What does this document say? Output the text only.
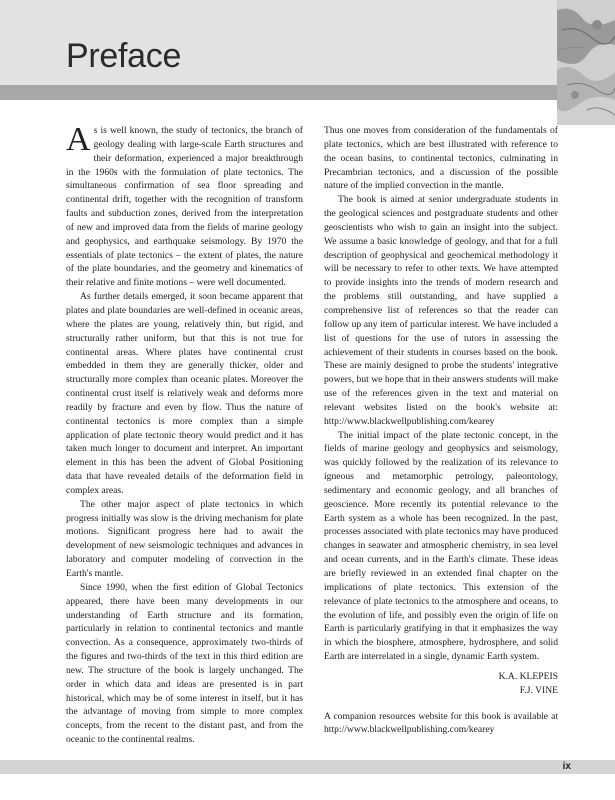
Preface

As is well known, the study of tectonics, the branch of geology dealing with large-scale Earth structures and their deformation, experienced a major breakthrough in the 1960s with the formulation of plate tectonics. The simultaneous confirmation of sea floor spreading and continental drift, together with the recognition of transform faults and subduction zones, derived from the interpretation of new and improved data from the fields of marine geology and geophysics, and earthquake seismology. By 1970 the essentials of plate tectonics – the extent of plates, the nature of the plate boundaries, and the geometry and kinematics of their relative and finite motions – were well documented.

As further details emerged, it soon became apparent that plates and plate boundaries are well-defined in oceanic areas, where the plates are young, relatively thin, but rigid, and structurally rather uniform, but that this is not true for continental areas. Where plates have continental crust embedded in them they are generally thicker, older and structurally more complex than oceanic plates. Moreover the continental crust itself is relatively weak and deforms more readily by fracture and even by flow. Thus the nature of continental tectonics is more complex than a simple application of plate tectonic theory would predict and it has taken much longer to document and interpret. An important element in this has been the advent of Global Positioning data that have revealed details of the deformation field in complex areas.

The other major aspect of plate tectonics in which progress initially was slow is the driving mechanism for plate motions. Significant progress here had to await the development of new seismologic techniques and advances in laboratory and computer modeling of convection in the Earth's mantle.

Since 1990, when the first edition of Global Tectonics appeared, there have been many developments in our understanding of Earth structure and its formation, particularly in relation to continental tectonics and mantle convection. As a consequence, approximately two-thirds of the figures and two-thirds of the text in this third edition are new. The structure of the book is largely unchanged. The order in which data and ideas are presented is in part historical, which may be of some interest in itself, but it has the advantage of moving from simple to more complex concepts, from the recent to the distant past, and from the oceanic to the continental realms.

Thus one moves from consideration of the fundamentals of plate tectonics, which are best illustrated with reference to the ocean basins, to continental tectonics, culminating in Precambrian tectonics, and a discussion of the possible nature of the implied convection in the mantle.

The book is aimed at senior undergraduate students in the geological sciences and postgraduate students and other geoscientists who wish to gain an insight into the subject. We assume a basic knowledge of geology, and that for a full description of geophysical and geochemical methodology it will be necessary to refer to other texts. We have attempted to provide insights into the trends of modern research and the problems still outstanding, and have supplied a comprehensive list of references so that the reader can follow up any item of particular interest. We have included a list of questions for the use of tutors in assessing the achievement of their students in courses based on the book. These are mainly designed to probe the students' integrative powers, but we hope that in their answers students will make use of the references given in the text and material on relevant websites listed on the book's website at: http://www.blackwellpublishing.com/kearey

The initial impact of the plate tectonic concept, in the fields of marine geology and geophysics and seismology, was quickly followed by the realization of its relevance to igneous and metamorphic petrology, paleontology, sedimentary and economic geology, and all branches of geoscience. More recently its potential relevance to the Earth system as a whole has been recognized. In the past, processes associated with plate tectonics may have produced changes in seawater and atmospheric chemistry, in sea level and ocean currents, and in the Earth's climate. These ideas are briefly reviewed in an extended final chapter on the implications of plate tectonics. This extension of the relevance of plate tectonics to the atmosphere and oceans, to the evolution of life, and possibly even the origin of life on Earth is particularly gratifying in that it emphasizes the way in which the biosphere, atmosphere, hydrosphere, and solid Earth are interrelated in a single, dynamic Earth system.

K.A. KLEPEIS
F.J. VINE

A companion resources website for this book is available at http://www.blackwellpublishing.com/kearey

ix
